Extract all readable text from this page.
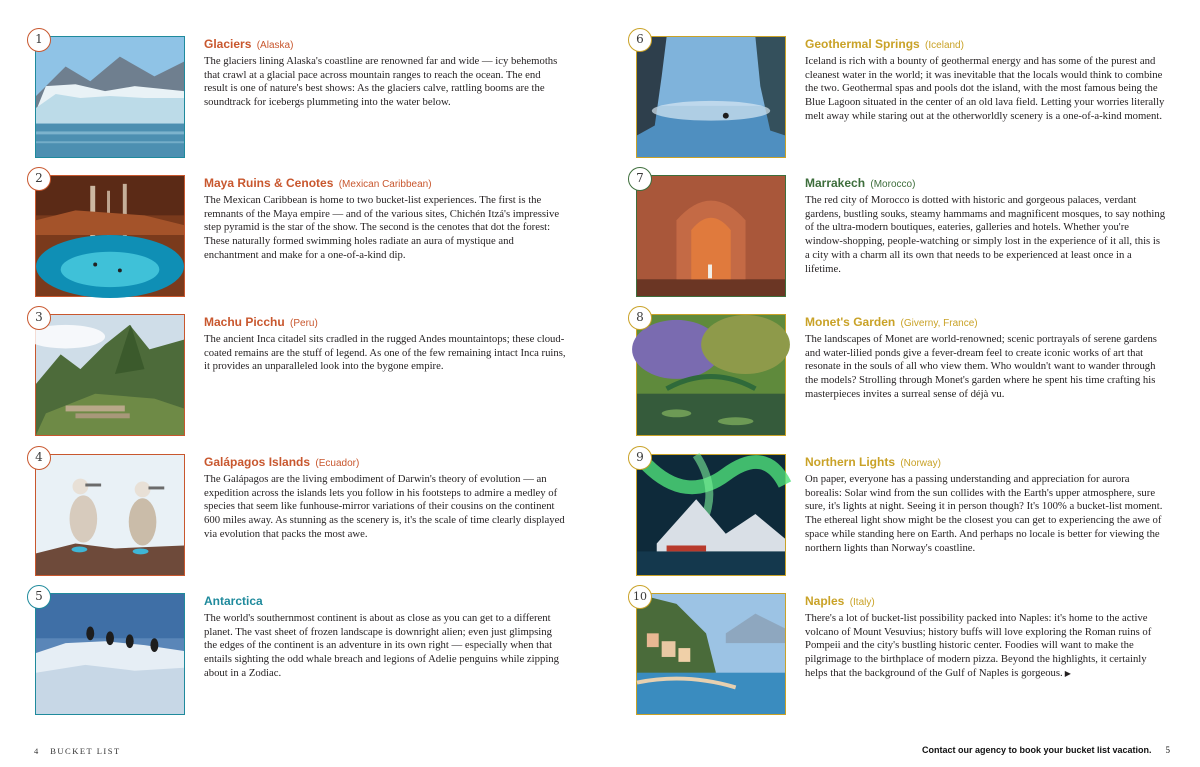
1	Glaciers (Alaska)
The glaciers lining Alaska's coastline are renowned far and wide — icy behemoths that crawl at a glacial pace across mountain ranges to reach the ocean. The end result is one of nature's best shows: As the glaciers calve, rattling booms are the soundtrack for icebergs plummeting into the water below.
2	Maya Ruins & Cenotes (Mexican Caribbean)
The Mexican Caribbean is home to two bucket-list experiences. The first is the remnants of the Maya empire — and of the various sites, Chichén Itzá's impressive step pyramid is the star of the show. The second is the cenotes that dot the forest: These naturally formed swimming holes radiate an aura of mystique and enchantment and make for a one-of-a-kind dip.
3	Machu Picchu (Peru)
The ancient Inca citadel sits cradled in the rugged Andes mountaintops; these cloud-coated remains are the stuff of legend. As one of the few remaining intact Inca ruins, it provides an unparalleled look into the bygone empire.
4	Galápagos Islands (Ecuador)
The Galápagos are the living embodiment of Darwin's theory of evolution — an expedition across the islands lets you follow in his footsteps to admire a medley of species that seem like funhouse-mirror variations of their cousins on the continent 600 miles away. As stunning as the scenery is, it's the scale of time clearly displayed via evolution that packs the most awe.
5	Antarctica
The world's southernmost continent is about as close as you can get to a different planet. The vast sheet of frozen landscape is downright alien; even just glimpsing the edges of the continent is an adventure in its own right — especially when that entails sighting the odd whale breach and legions of Adelie penguins while zipping about in a Zodiac.
6	Geothermal Springs (Iceland)
Iceland is rich with a bounty of geothermal energy and has some of the purest and cleanest water in the world; it was inevitable that the locals would think to combine the two. Geothermal spas and pools dot the island, with the most famous being the Blue Lagoon situated in the center of an old lava field. Letting your worries literally melt away while staring out at the otherworldly scenery is a one-of-a-kind moment.
7	Marrakech (Morocco)
The red city of Morocco is dotted with historic and gorgeous palaces, verdant gardens, bustling souks, steamy hammams and magnificent mosques, to say nothing of the ultra-modern boutiques, eateries, galleries and hotels. Whether you're window-shopping, people-watching or simply lost in the experience of it all, this is a city with a charm all its own that needs to be experienced at least once in a lifetime.
8	Monet's Garden (Giverny, France)
The landscapes of Monet are world-renowned; scenic portrayals of serene gardens and water-lilied ponds give a fever-dream feel to create iconic works of art that resonate in the souls of all who view them. Who wouldn't want to wander through the models? Strolling through Monet's garden where he spent his time crafting his masterpieces invites a surreal sense of déjà vu.
9	Northern Lights (Norway)
On paper, everyone has a passing understanding and appreciation for aurora borealis: Solar wind from the sun collides with the Earth's upper atmosphere, sure sure, it's lights at night. Seeing it in person though? It's 100% a bucket-list moment. The ethereal light show might be the closest you can get to experiencing the awe of space while standing here on Earth. And perhaps no locale is better for viewing the northern lights than Norway's coastline.
10	Naples (Italy)
There's a lot of bucket-list possibility packed into Naples: it's home to the active volcano of Mount Vesuvius; history buffs will love exploring the Roman ruins of Pompeii and the city's bustling historic center. Foodies will want to make the pilgrimage to the birthplace of modern pizza. Beyond the highlights, it certainly helps that the background of the Gulf of Naples is gorgeous. ▶
4 BUCKET LIST	Contact our agency to book your bucket list vacation. 5
